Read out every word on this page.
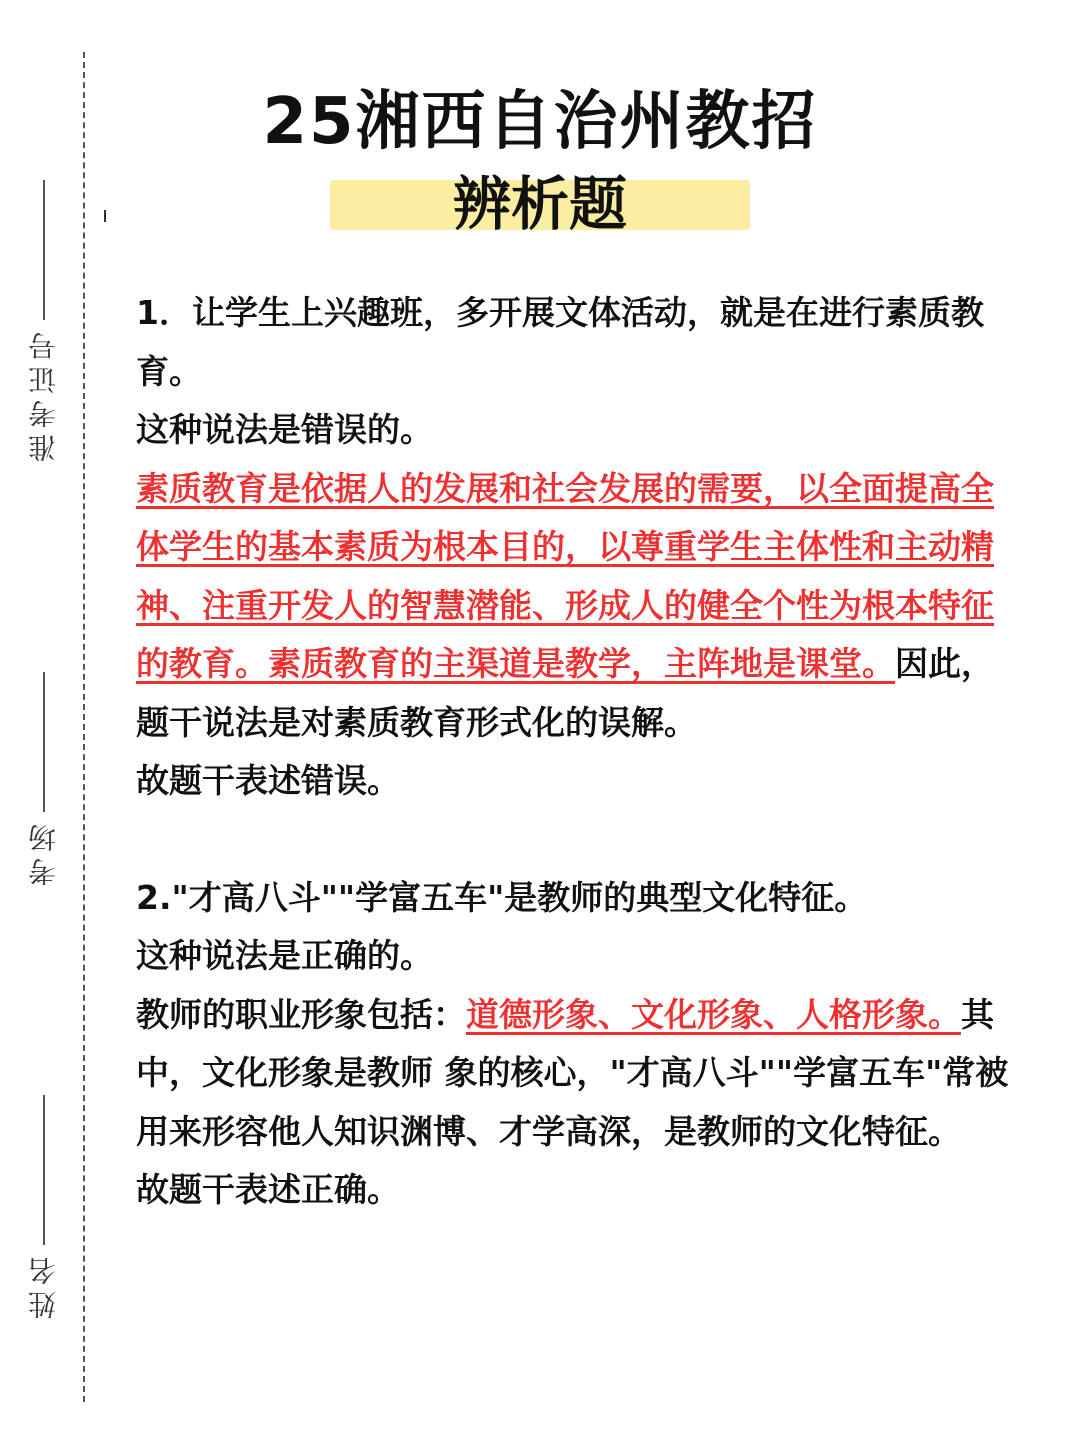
准考证号
考场
姓名
25湘西自治州教招
辨析题

1．让学生上兴趣班，多开展文体活动，就是在进行素质教育。

这种说法是错误的。

素质教育是依据人的发展和社会发展的需要，以全面提高全体学生的基本素质为根本目的，以尊重学生主体性和主动精神、注重开发人的智慧潜能、形成人的健全个性为根本特征的教育。素质教育的主渠道是教学，主阵地是课堂。因此，题干说法是对素质教育形式化的误解。

故题干表述错误。

2."才高八斗""学富五车"是教师的典型文化特征。

这种说法是正确的。

教师的职业形象包括：道德形象、文化形象、人格形象。其中，文化形象是教师 象的核心，"才高八斗""学富五车"常被用来形容他人知识渊博、才学高深，是教师的文化特征。

故题干表述正确。
